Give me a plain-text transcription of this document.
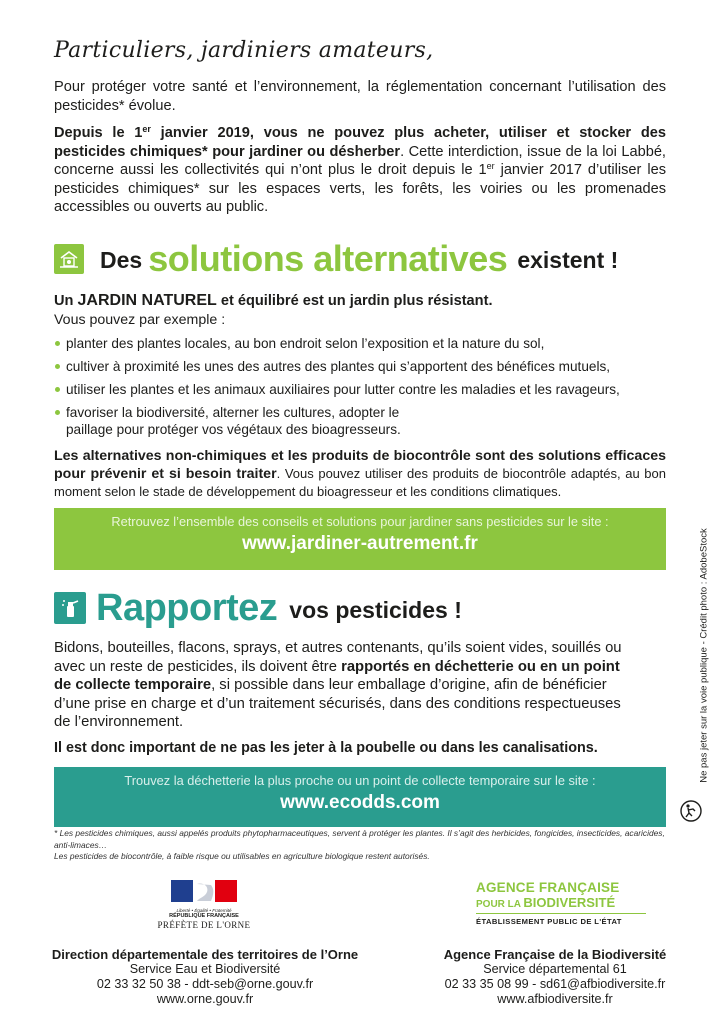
Particuliers, jardiniers amateurs,
Pour protéger votre santé et l’environnement, la réglementation concernant l’utilisation des pesticides* évolue.
Depuis le 1er janvier 2019, vous ne pouvez plus acheter, utiliser et stocker des pesticides chimiques* pour jardiner ou désherber. Cette interdiction, issue de la loi Labbé, concerne aussi les collectivités qui n’ont plus le droit depuis le 1er janvier 2017 d’utiliser les pesticides chimiques* sur les espaces verts, les forêts, les voiries ou les promenades accessibles ou ouverts au public.
Des solutions alternatives existent !
Un JARDIN NATUREL et équilibré est un jardin plus résistant.
Vous pouvez par exemple :
planter des plantes locales, au bon endroit selon l’exposition et la nature du sol,
cultiver à proximité les unes des autres des plantes qui s’apportent des bénéfices mutuels,
utiliser les plantes et les animaux auxiliaires pour lutter contre les maladies et les ravageurs,
favoriser la biodiversité, alterner les cultures, adopter le paillage pour protéger vos végétaux des bioagresseurs.
Les alternatives non-chimiques et les produits de biocontrôle sont des solutions efficaces pour prévenir et si besoin traiter. Vous pouvez utiliser des produits de biocontrôle adaptés, au bon moment selon le stade de développement du bioagresseur et les conditions climatiques.
Retrouvez l’ensemble des conseils et solutions pour jardiner sans pesticides sur le site :
www.jardiner-autrement.fr
Rapportez vos pesticides !
Bidons, bouteilles, flacons, sprays, et autres contenants, qu’ils soient vides, souillés ou avec un reste de pesticides, ils doivent être rapportés en déchetterie ou en un point de collecte temporaire, si possible dans leur emballage d’origine, afin de bénéficier d’une prise en charge et d’un traitement sécurisés, dans des conditions respectueuses de l’environnement.
Il est donc important de ne pas les jeter à la poubelle ou dans les canalisations.
Trouvez la déchetterie la plus proche ou un point de collecte temporaire sur le site :
www.ecodds.com
* Les pesticides chimiques, aussi appelés produits phytopharmaceutiques, servent à protéger les plantes. Il s’agit des herbicides, fongicides, insecticides, acaricides, anti-limaces…
Les pesticides de biocontrôle, à faible risque ou utilisables en agriculture biologique restent autorisés.
Ne pas jeter sur la voie publique - Crédit photo : AdobeStock
Liberté • Égalité • Fraternité
RÉPUBLIQUE FRANÇAISE
PRÉFÈTE DE L'ORNE
AGENCE FRANÇAISE
POUR LA BIODIVERSITÉ
ÉTABLISSEMENT PUBLIC DE L'ÉTAT
Direction départementale des territoires de l’Orne
Service Eau et Biodiversité
02 33 32 50 38 - ddt-seb@orne.gouv.fr
www.orne.gouv.fr
Agence Française de la Biodiversité
Service départemental 61
02 33 35 08 99 - sd61@afbiodiversite.fr
www.afbiodiversite.fr
